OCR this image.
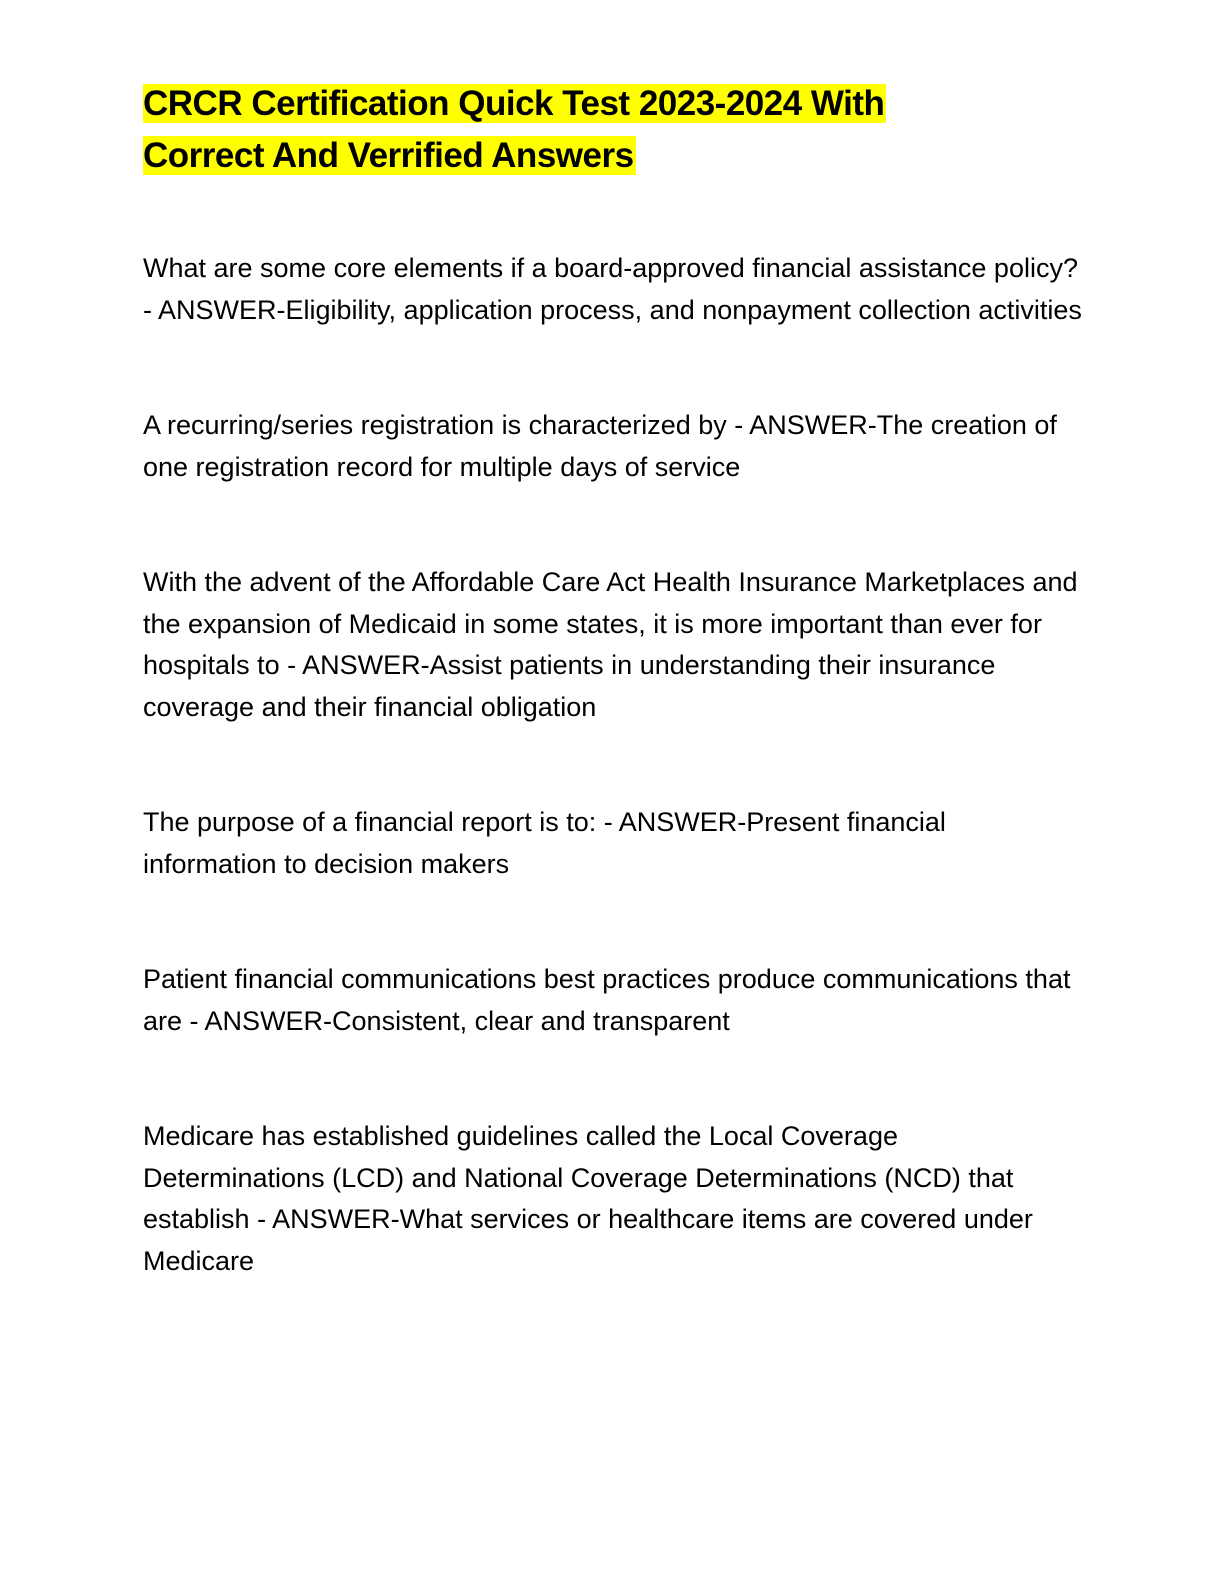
CRCR Certification Quick Test 2023-2024 With
Correct And Verrified Answers

What are some core elements if a board-approved financial assistance policy? - ANSWER-Eligibility, application process, and nonpayment collection activities

A recurring/series registration is characterized by - ANSWER-The creation of one registration record for multiple days of service

With the advent of the Affordable Care Act Health Insurance Marketplaces and the expansion of Medicaid in some states, it is more important than ever for hospitals to - ANSWER-Assist patients in understanding their insurance coverage and their financial obligation

The purpose of a financial report is to: - ANSWER-Present financial information to decision makers

Patient financial communications best practices produce communications that are - ANSWER-Consistent, clear and transparent

Medicare has established guidelines called the Local Coverage Determinations (LCD) and National Coverage Determinations (NCD) that establish - ANSWER-What services or healthcare items are covered under Medicare
